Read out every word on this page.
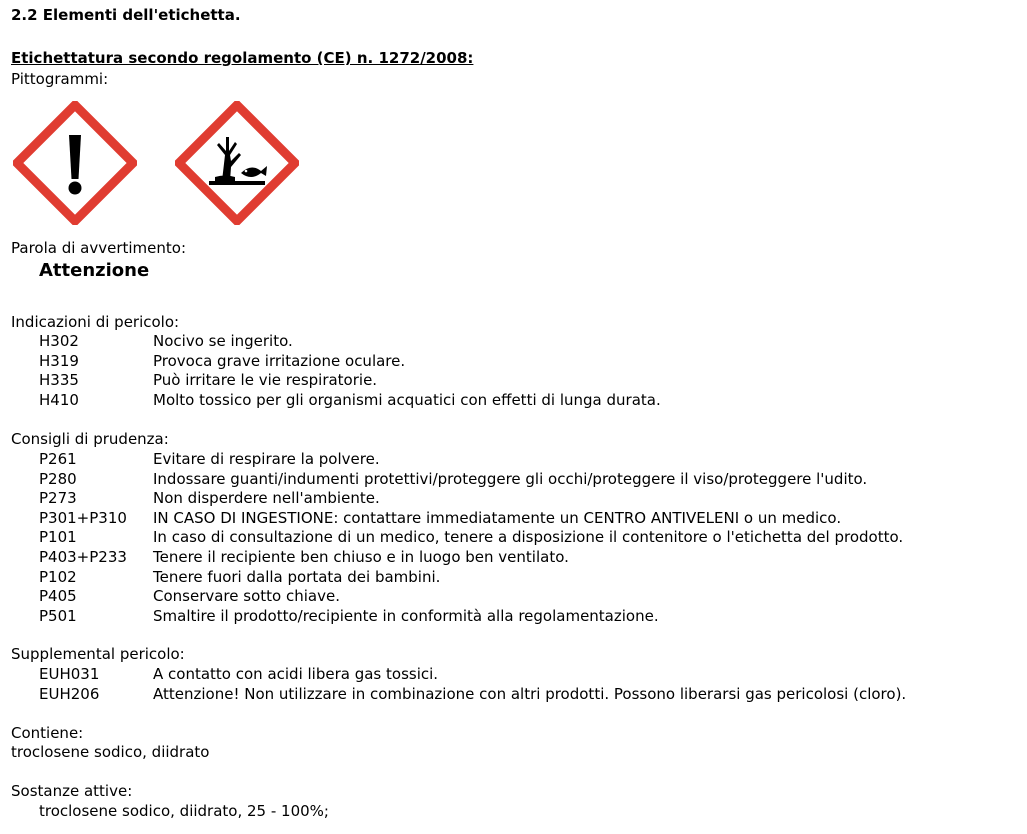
2.2 Elementi dell'etichetta.
Etichettatura secondo regolamento (CE) n. 1272/2008:
Pittogrammi:
Parola di avvertimento:
Attenzione
Indicazioni di pericolo:
H302	Nocivo se ingerito.
H319	Provoca grave irritazione oculare.
H335	Può irritare le vie respiratorie.
H410	Molto tossico per gli organismi acquatici con effetti di lunga durata.
Consigli di prudenza:
P261	Evitare di respirare la polvere.
P280	Indossare guanti/indumenti protettivi/proteggere gli occhi/proteggere il viso/proteggere l'udito.
P273	Non disperdere nell'ambiente.
P301+P310	IN CASO DI INGESTIONE: contattare immediatamente un CENTRO ANTIVELENI o un medico.
P101	In caso di consultazione di un medico, tenere a disposizione il contenitore o l'etichetta del prodotto.
P403+P233	Tenere il recipiente ben chiuso e in luogo ben ventilato.
P102	Tenere fuori dalla portata dei bambini.
P405	Conservare sotto chiave.
P501	Smaltire il prodotto/recipiente in conformità alla regolamentazione.
Supplemental pericolo:
EUH031	A contatto con acidi libera gas tossici.
EUH206	Attenzione! Non utilizzare in combinazione con altri prodotti. Possono liberarsi gas pericolosi (cloro).
Contiene:
troclosene sodico, diidrato
Sostanze attive:
troclosene sodico, diidrato, 25 - 100%;
